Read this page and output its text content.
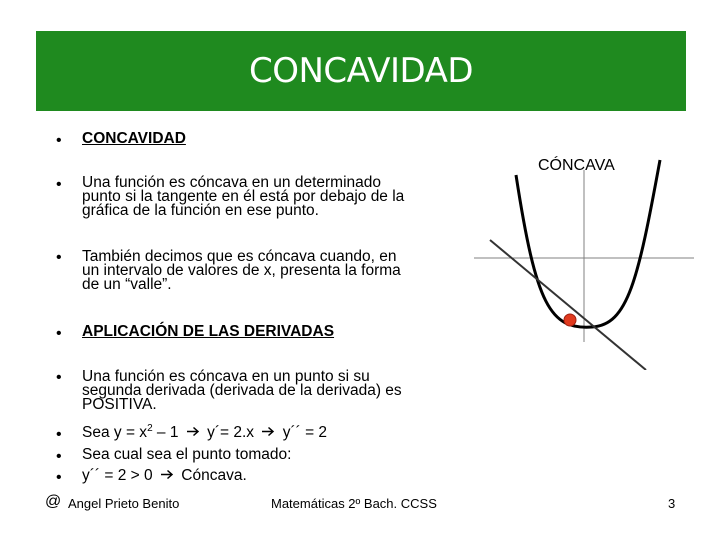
CONCAVIDAD
• CONCAVIDAD
• Una función es cóncava en un determinado
punto si la tangente en él está por debajo de la
gráfica de la función en ese punto.
• También decimos que es cóncava cuando, en
un intervalo de valores de x, presenta la forma
de un “valle”.
• APLICACIÓN DE LAS DERIVADAS
• Una función es cóncava en un punto si su
segunda derivada (derivada de la derivada) es
POSITIVA.
• Sea $y = x^2 - 1$ y´= 2.x y´´ = 2
• Sea cual sea el punto tomado:
• y´´ = 2 > 0 Cóncava.
CÓNCAVA
@ Angel Prieto Benito	Matemáticas 2º Bach. CCSS	3
